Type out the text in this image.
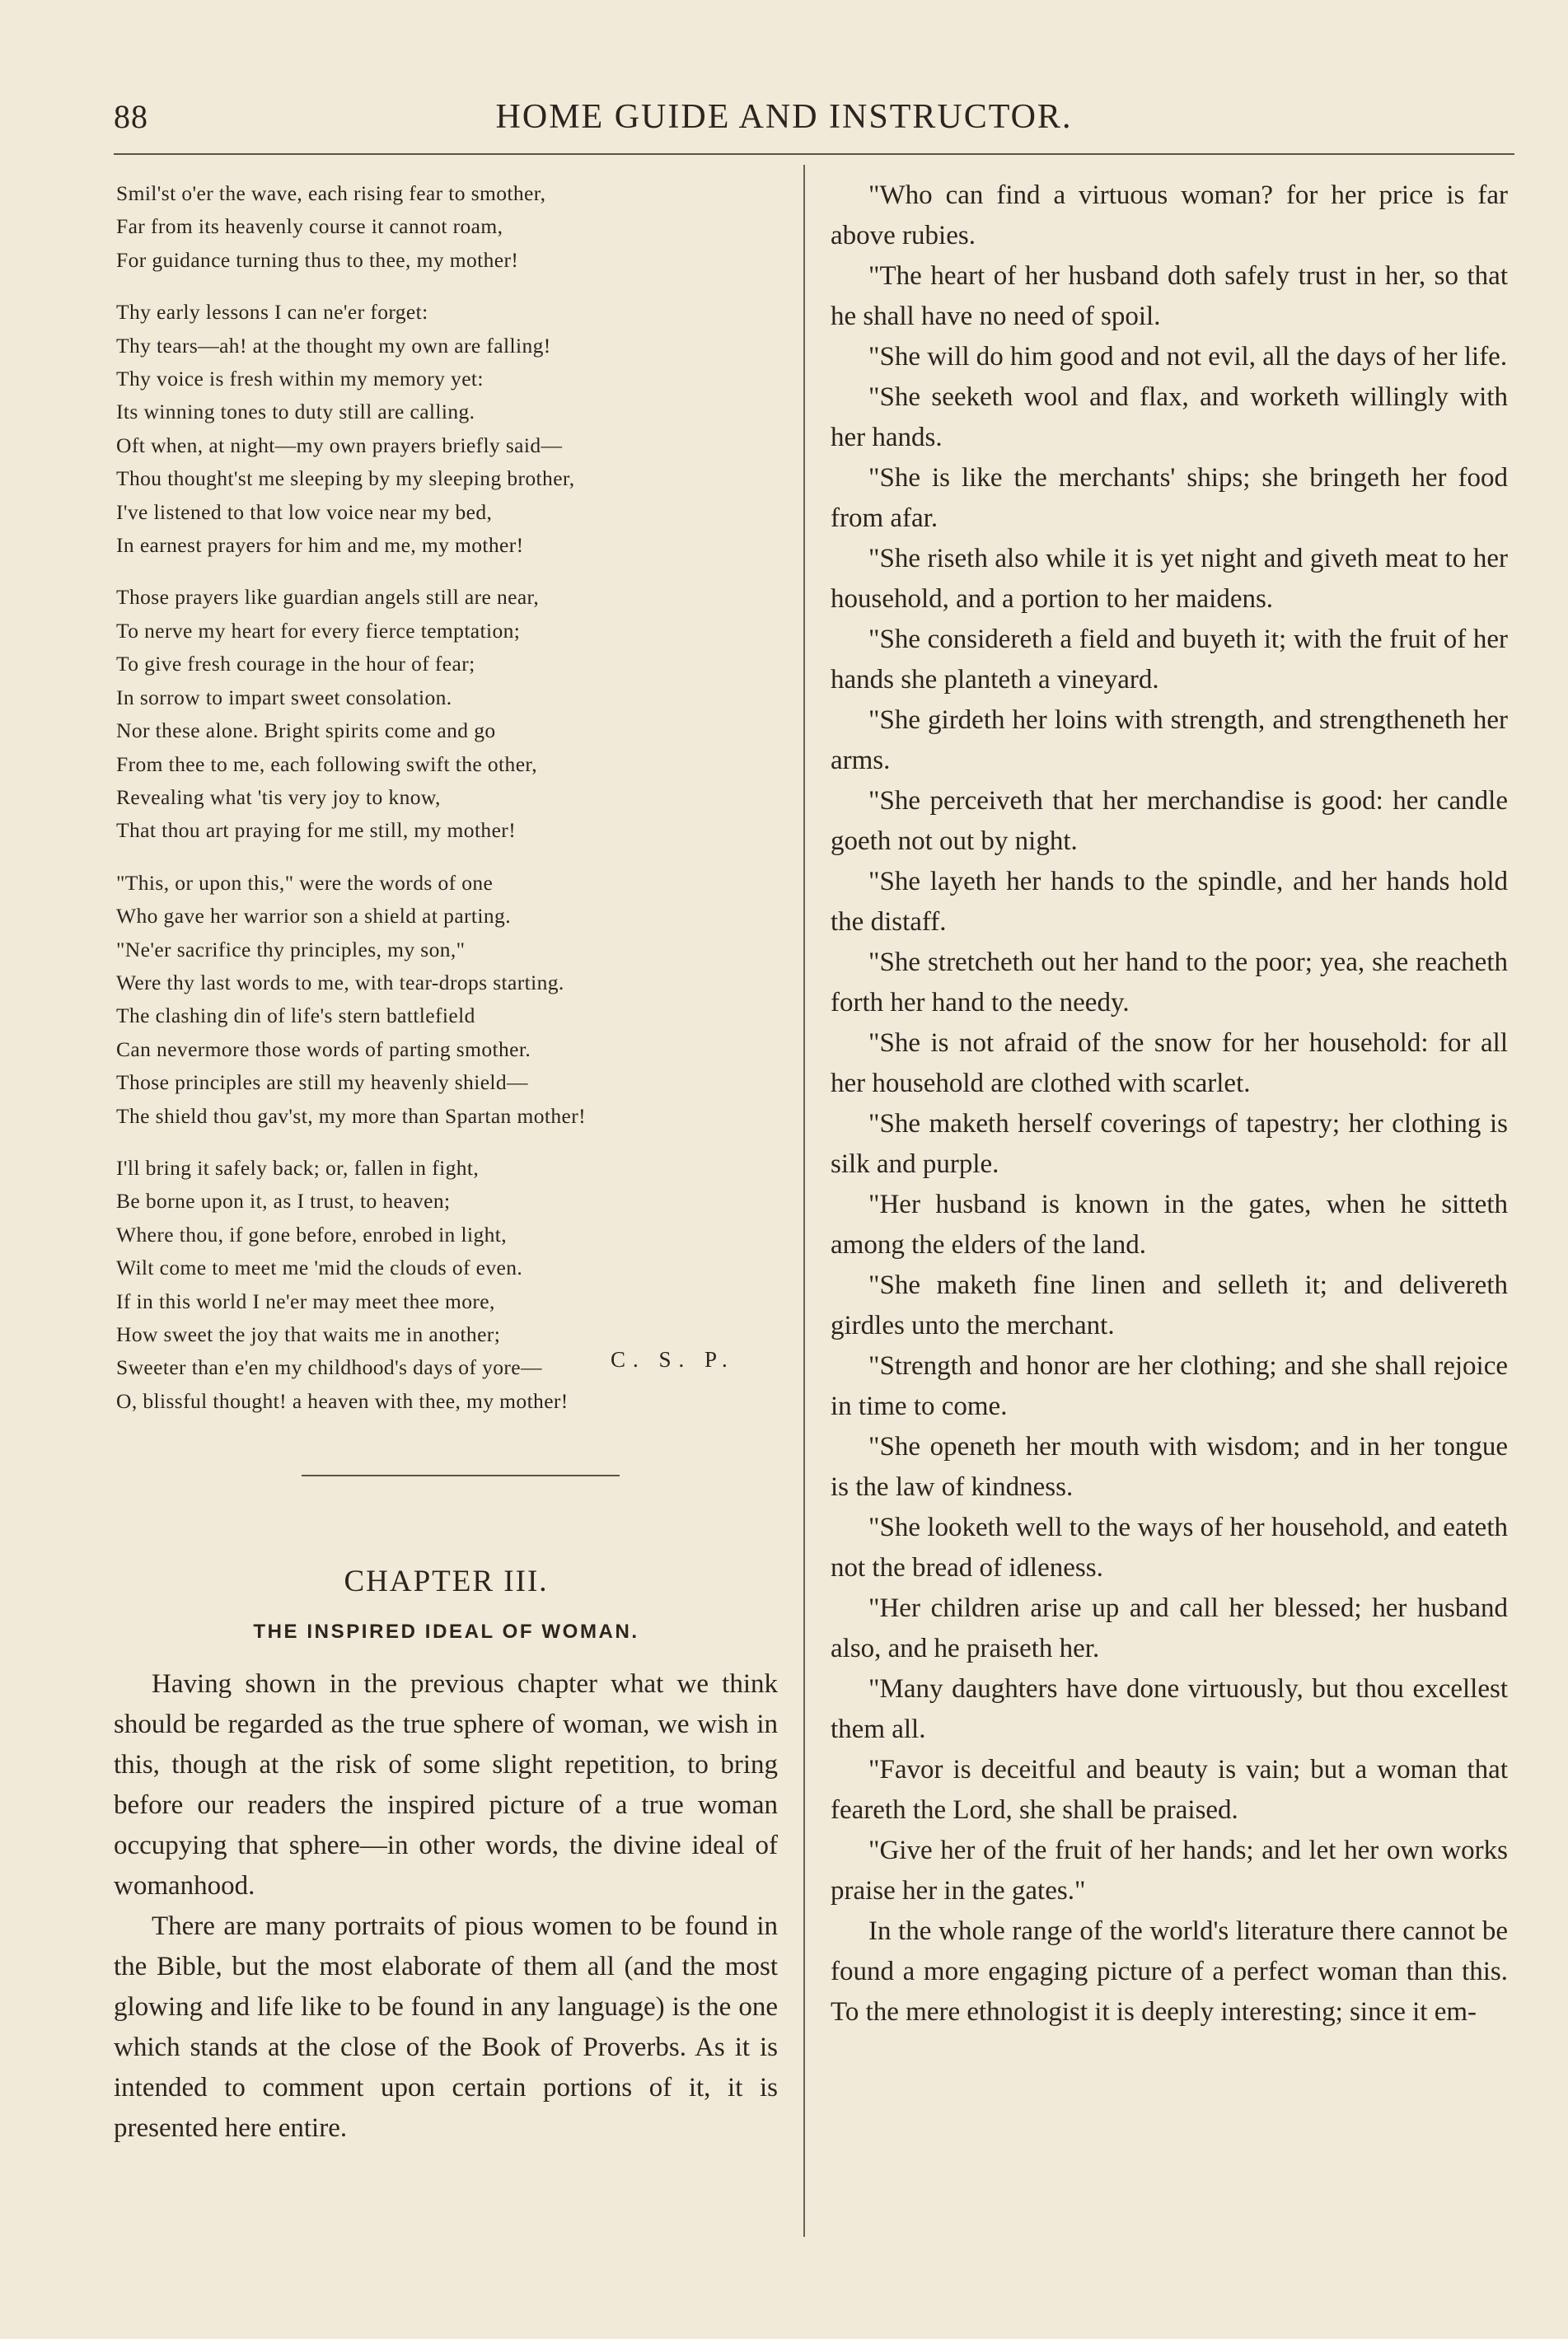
88	HOME GUIDE AND INSTRUCTOR.
Smil'st o'er the wave, each rising fear to smother,
Far from its heavenly course it cannot roam,
For guidance turning thus to thee, my mother!
Thy early lessons I can ne'er forget:
Thy tears—ah! at the thought my own are falling!
Thy voice is fresh within my memory yet:
Its winning tones to duty still are calling.
Oft when, at night—my own prayers briefly said—
Thou thought'st me sleeping by my sleeping brother,
I've listened to that low voice near my bed,
In earnest prayers for him and me, my mother!
Those prayers like guardian angels still are near,
To nerve my heart for every fierce temptation;
To give fresh courage in the hour of fear;
In sorrow to impart sweet consolation.
Nor these alone. Bright spirits come and go
From thee to me, each following swift the other,
Revealing what 'tis very joy to know,
That thou art praying for me still, my mother!
"This, or upon this," were the words of one
Who gave her warrior son a shield at parting.
"Ne'er sacrifice thy principles, my son,"
Were thy last words to me, with tear-drops starting.
The clashing din of life's stern battlefield
Can nevermore those words of parting smother.
Those principles are still my heavenly shield—
The shield thou gav'st, my more than Spartan mother!
I'll bring it safely back; or, fallen in fight,
Be borne upon it, as I trust, to heaven;
Where thou, if gone before, enrobed in light,
Wilt come to meet me 'mid the clouds of even.
If in this world I ne'er may meet thee more,
How sweet the joy that waits me in another;
Sweeter than e'en my childhood's days of yore—
O, blissful thought! a heaven with thee, my mother!
C. S. P.
CHAPTER III.
THE INSPIRED IDEAL OF WOMAN.

Having shown in the previous chapter what we think should be regarded as the true sphere of woman, we wish in this, though at the risk of some slight repetition, to bring before our readers the inspired picture of a true woman occupying that sphere—in other words, the divine ideal of womanhood.

There are many portraits of pious women to be found in the Bible, but the most elaborate of them all (and the most glowing and life like to be found in any language) is the one which stands at the close of the Book of Proverbs. As it is intended to comment upon certain portions of it, it is presented here entire.

"Who can find a virtuous woman? for her price is far above rubies.

"The heart of her husband doth safely trust in her, so that he shall have no need of spoil.

"She will do him good and not evil, all the days of her life.

"She seeketh wool and flax, and worketh willingly with her hands.

"She is like the merchants' ships; she bringeth her food from afar.

"She riseth also while it is yet night and giveth meat to her household, and a portion to her maidens.

"She considereth a field and buyeth it; with the fruit of her hands she planteth a vineyard.

"She girdeth her loins with strength, and strengtheneth her arms.

"She perceiveth that her merchandise is good: her candle goeth not out by night.

"She layeth her hands to the spindle, and her hands hold the distaff.

"She stretcheth out her hand to the poor; yea, she reacheth forth her hand to the needy.

"She is not afraid of the snow for her household: for all her household are clothed with scarlet.

"She maketh herself coverings of tapestry; her clothing is silk and purple.

"Her husband is known in the gates, when he sitteth among the elders of the land.

"She maketh fine linen and selleth it; and delivereth girdles unto the merchant.

"Strength and honor are her clothing; and she shall rejoice in time to come.

"She openeth her mouth with wisdom; and in her tongue is the law of kindness.

"She looketh well to the ways of her household, and eateth not the bread of idleness.

"Her children arise up and call her blessed; her husband also, and he praiseth her.

"Many daughters have done virtuously, but thou excellest them all.

"Favor is deceitful and beauty is vain; but a woman that feareth the Lord, she shall be praised.

"Give her of the fruit of her hands; and let her own works praise her in the gates."

In the whole range of the world's literature there cannot be found a more engaging picture of a perfect woman than this. To the mere ethnologist it is deeply interesting; since it em-
